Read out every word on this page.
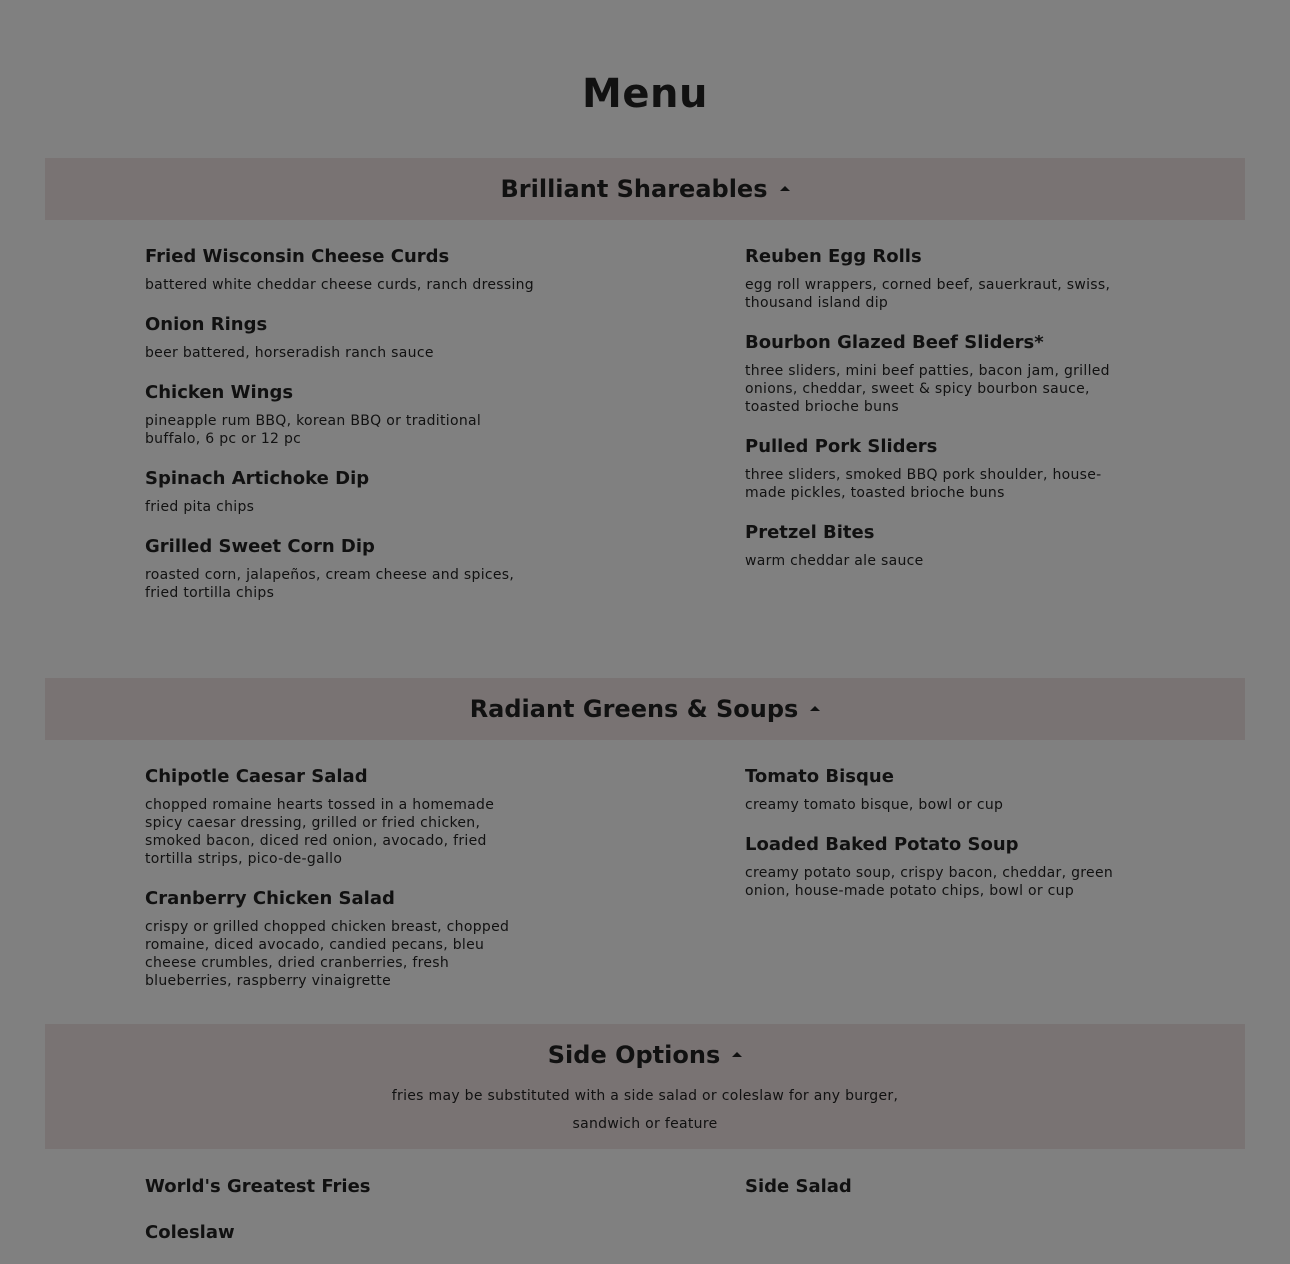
Menu
Brilliant Shareables

Fried Wisconsin Cheese Curds

battered white cheddar cheese curds, ranch dressing

Onion Rings

beer battered, horseradish ranch sauce

Chicken Wings

pineapple rum BBQ, korean BBQ or traditional buffalo, 6 pc or 12 pc

Spinach Artichoke Dip

fried pita chips

Grilled Sweet Corn Dip

roasted corn, jalapeños, cream cheese and spices, fried tortilla chips

Reuben Egg Rolls

egg roll wrappers, corned beef, sauerkraut, swiss, thousand island dip

Bourbon Glazed Beef Sliders*

three sliders, mini beef patties, bacon jam, grilled onions, cheddar, sweet & spicy bourbon sauce, toasted brioche buns

Pulled Pork Sliders

three sliders, smoked BBQ pork shoulder, house-made pickles, toasted brioche buns

Pretzel Bites

warm cheddar ale sauce

Radiant Greens & Soups

Chipotle Caesar Salad

chopped romaine hearts tossed in a homemade spicy caesar dressing, grilled or fried chicken, smoked bacon, diced red onion, avocado, fried tortilla strips, pico-de-gallo

Cranberry Chicken Salad

crispy or grilled chopped chicken breast, chopped romaine, diced avocado, candied pecans, bleu cheese crumbles, dried cranberries, fresh blueberries, raspberry vinaigrette

Tomato Bisque

creamy tomato bisque, bowl or cup

Loaded Baked Potato Soup

creamy potato soup, crispy bacon, cheddar, green onion, house-made potato chips, bowl or cup

Side Options

fries may be substituted with a side salad or coleslaw for any burger, sandwich or feature

World's Greatest Fries

Coleslaw

Side Salad
